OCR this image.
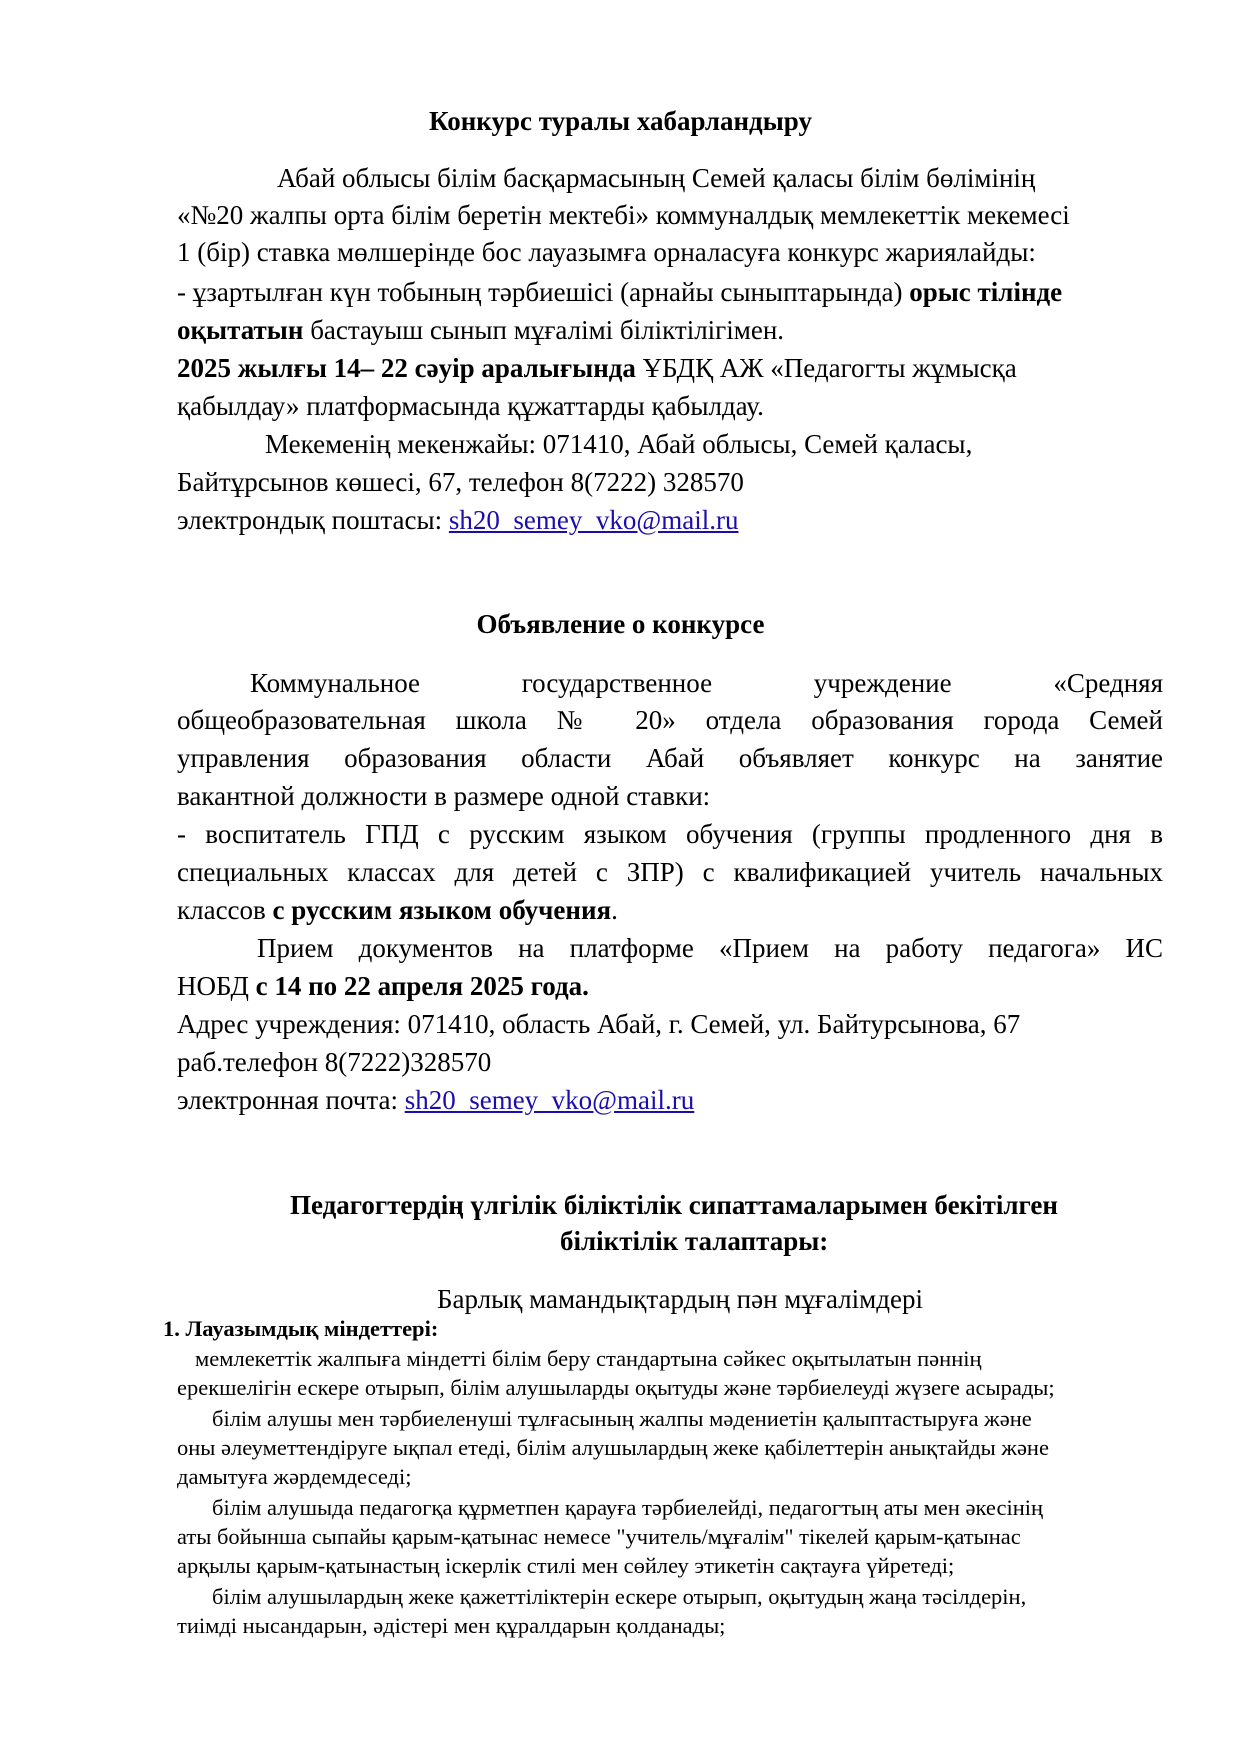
Конкурс туралы хабарландыру
Абай облысы білім басқармасының Семей қаласы білім бөлімінің
«№20 жалпы орта білім беретін мектебі» коммуналдық мемлекеттік мекемесі
1 (бір) ставка мөлшерінде бос лауазымға орналасуға конкурс жариялайды:
- ұзартылған күн тобының тәрбиешісі (арнайы сыныптарында) орыс тілінде
оқытатын бастауыш сынып мұғалімі біліктілігімен.
2025 жылғы 14– 22 сәуір аралығында ҰБДҚ АЖ «Педагогты жұмысқа
қабылдау» платформасында құжаттарды қабылдау.
Мекеменің мекенжайы: 071410, Абай облысы, Семей қаласы,
Байтұрсынов көшесі, 67, телефон 8(7222) 328570
электрондық поштасы: sh20_semey_vko@mail.ru
Объявление о конкурсе
Коммунальное государственное учреждение «Средняя
общеобразовательная школа № 20» отдела образования города Семей
управления образования области Абай объявляет конкурс на занятие
вакантной должности в размере одной ставки:
- воспитатель ГПД с русским языком обучения (группы продленного дня в
специальных классах для детей с ЗПР) с квалификацией учитель начальных
классов с русским языком обучения.
Прием документов на платформе «Прием на работу педагога» ИС
НОБД с 14 по 22 апреля 2025 года.
Адрес учреждения: 071410, область Абай, г. Семей, ул. Байтурсынова, 67
раб.телефон 8(7222)328570
электронная почта: sh20_semey_vko@mail.ru
Педагогтердің үлгілік біліктілік сипаттамаларымен бекітілген
біліктілік талаптары:
Барлық мамандықтардың пән мұғалімдері
1. Лауазымдық міндеттері:
мемлекеттік жалпыға міндетті білім беру стандартына сәйкес оқытылатын пәннің
ерекшелігін ескере отырып, білім алушыларды оқытуды және тәрбиелеуді жүзеге асырады;
білім алушы мен тәрбиеленуші тұлғасының жалпы мәдениетін қалыптастыруға және
оны әлеуметтендіруге ықпал етеді, білім алушылардың жеке қабілеттерін анықтайды және
дамытуға жәрдемдеседі;
білім алушыда педагогқа құрметпен қарауға тәрбиелейді, педагогтың аты мен әкесінің
аты бойынша сыпайы қарым-қатынас немесе "учитель/мұғалім" тікелей қарым-қатынас
арқылы қарым-қатынастың іскерлік стилі мен сөйлеу этикетін сақтауға үйретеді;
білім алушылардың жеке қажеттіліктерін ескере отырып, оқытудың жаңа тәсілдерін,
тиімді нысандарын, әдістері мен құралдарын қолданады;
